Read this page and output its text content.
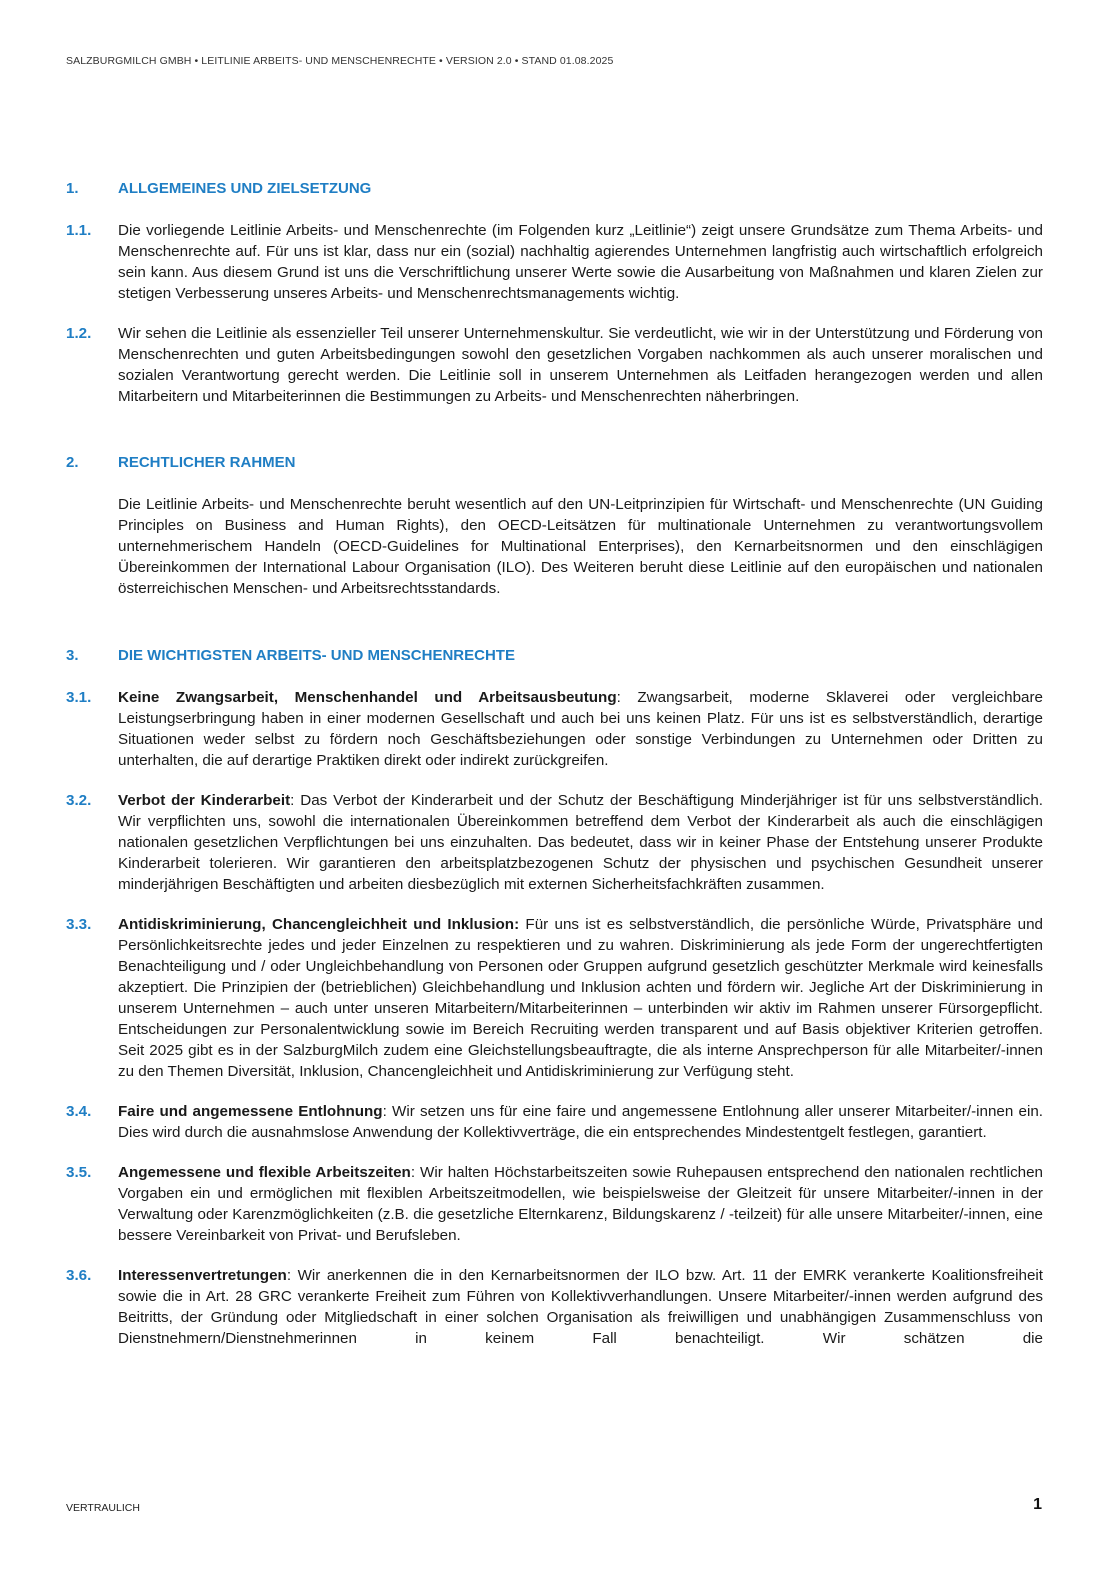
SALZBURGMILCH GMBH • LEITLINIE ARBEITS- UND MENSCHENRECHTE • VERSION 2.0 • STAND 01.08.2025
1.	ALLGEMEINES UND ZIELSETZUNG
1.1.	Die vorliegende Leitlinie Arbeits- und Menschenrechte (im Folgenden kurz „Leitlinie“) zeigt unsere Grundsätze zum Thema Arbeits- und Menschenrechte auf. Für uns ist klar, dass nur ein (sozial) nachhaltig agierendes Unternehmen langfristig auch wirtschaftlich erfolgreich sein kann. Aus diesem Grund ist uns die Verschriftlichung unserer Werte sowie die Ausarbeitung von Maßnahmen und klaren Zielen zur stetigen Verbesserung unseres Arbeits- und Menschenrechtsmanagements wichtig.
1.2.	Wir sehen die Leitlinie als essenzieller Teil unserer Unternehmenskultur. Sie verdeutlicht, wie wir in der Unterstützung und Förderung von Menschenrechten und guten Arbeitsbedingungen sowohl den gesetzlichen Vorgaben nachkommen als auch unserer moralischen und sozialen Verantwortung gerecht werden. Die Leitlinie soll in unserem Unternehmen als Leitfaden herangezogen werden und allen Mitarbeitern und Mitarbeiterinnen die Bestimmungen zu Arbeits- und Menschenrechten näherbringen.
2.	RECHTLICHER RAHMEN
Die Leitlinie Arbeits- und Menschenrechte beruht wesentlich auf den UN-Leitprinzipien für Wirtschaft- und Menschenrechte (UN Guiding Principles on Business and Human Rights), den OECD-Leitsätzen für multinationale Unternehmen zu verantwortungsvollem unternehmerischem Handeln (OECD-Guidelines for Multinational Enterprises), den Kernarbeitsnormen und den einschlägigen Übereinkommen der International Labour Organisation (ILO). Des Weiteren beruht diese Leitlinie auf den europäischen und nationalen österreichischen Menschen- und Arbeitsrechtsstandards.
3.	DIE WICHTIGSTEN ARBEITS- UND MENSCHENRECHTE
3.1.	Keine Zwangsarbeit, Menschenhandel und Arbeitsausbeutung: Zwangsarbeit, moderne Sklaverei oder vergleichbare Leistungserbringung haben in einer modernen Gesellschaft und auch bei uns keinen Platz. Für uns ist es selbstverständlich, derartige Situationen weder selbst zu fördern noch Geschäftsbeziehungen oder sonstige Verbindungen zu Unternehmen oder Dritten zu unterhalten, die auf derartige Praktiken direkt oder indirekt zurückgreifen.
3.2.	Verbot der Kinderarbeit: Das Verbot der Kinderarbeit und der Schutz der Beschäftigung Minderjähriger ist für uns selbstverständlich. Wir verpflichten uns, sowohl die internationalen Übereinkommen betreffend dem Verbot der Kinderarbeit als auch die einschlägigen nationalen gesetzlichen Verpflichtungen bei uns einzuhalten. Das bedeutet, dass wir in keiner Phase der Entstehung unserer Produkte Kinderarbeit tolerieren. Wir garantieren den arbeitsplatzbezogenen Schutz der physischen und psychischen Gesundheit unserer minderjährigen Beschäftigten und arbeiten diesbezüglich mit externen Sicherheitsfachkräften zusammen.
3.3.	Antidiskriminierung, Chancengleichheit und Inklusion: Für uns ist es selbstverständlich, die persönliche Würde, Privatsphäre und Persönlichkeitsrechte jedes und jeder Einzelnen zu respektieren und zu wahren. Diskriminierung als jede Form der ungerechtfertigten Benachteiligung und / oder Ungleichbehandlung von Personen oder Gruppen aufgrund gesetzlich geschützter Merkmale wird keinesfalls akzeptiert. Die Prinzipien der (betrieblichen) Gleichbehandlung und Inklusion achten und fördern wir. Jegliche Art der Diskriminierung in unserem Unternehmen – auch unter unseren Mitarbeitern/Mitarbeiterinnen – unterbinden wir aktiv im Rahmen unserer Fürsorgepflicht. Entscheidungen zur Personalentwicklung sowie im Bereich Recruiting werden transparent und auf Basis objektiver Kriterien getroffen. Seit 2025 gibt es in der SalzburgMilch zudem eine Gleichstellungsbeauftragte, die als interne Ansprechperson für alle Mitarbeiter/-innen zu den Themen Diversität, Inklusion, Chancengleichheit und Antidiskriminierung zur Verfügung steht.
3.4.	Faire und angemessene Entlohnung: Wir setzen uns für eine faire und angemessene Entlohnung aller unserer Mitarbeiter/-innen ein. Dies wird durch die ausnahmslose Anwendung der Kollektivverträge, die ein entsprechendes Mindestentgelt festlegen, garantiert.
3.5.	Angemessene und flexible Arbeitszeiten: Wir halten Höchstarbeitszeiten sowie Ruhepausen entsprechend den nationalen rechtlichen Vorgaben ein und ermöglichen mit flexiblen Arbeitszeitmodellen, wie beispielsweise der Gleitzeit für unsere Mitarbeiter/-innen in der Verwaltung oder Karenzmöglichkeiten (z.B. die gesetzliche Elternkarenz, Bildungskarenz / -teilzeit) für alle unsere Mitarbeiter/-innen, eine bessere Vereinbarkeit von Privat- und Berufsleben.
3.6.	Interessenvertretungen: Wir anerkennen die in den Kernarbeitsnormen der ILO bzw. Art. 11 der EMRK verankerte Koalitionsfreiheit sowie die in Art. 28 GRC verankerte Freiheit zum Führen von Kollektivverhandlungen. Unsere Mitarbeiter/-innen werden aufgrund des Beitritts, der Gründung oder Mitgliedschaft in einer solchen Organisation als freiwilligen und unabhängigen Zusammenschluss von Dienstnehmern/Dienstnehmerinnen in keinem Fall benachteiligt. Wir schätzen die
VERTRAULICH	1
